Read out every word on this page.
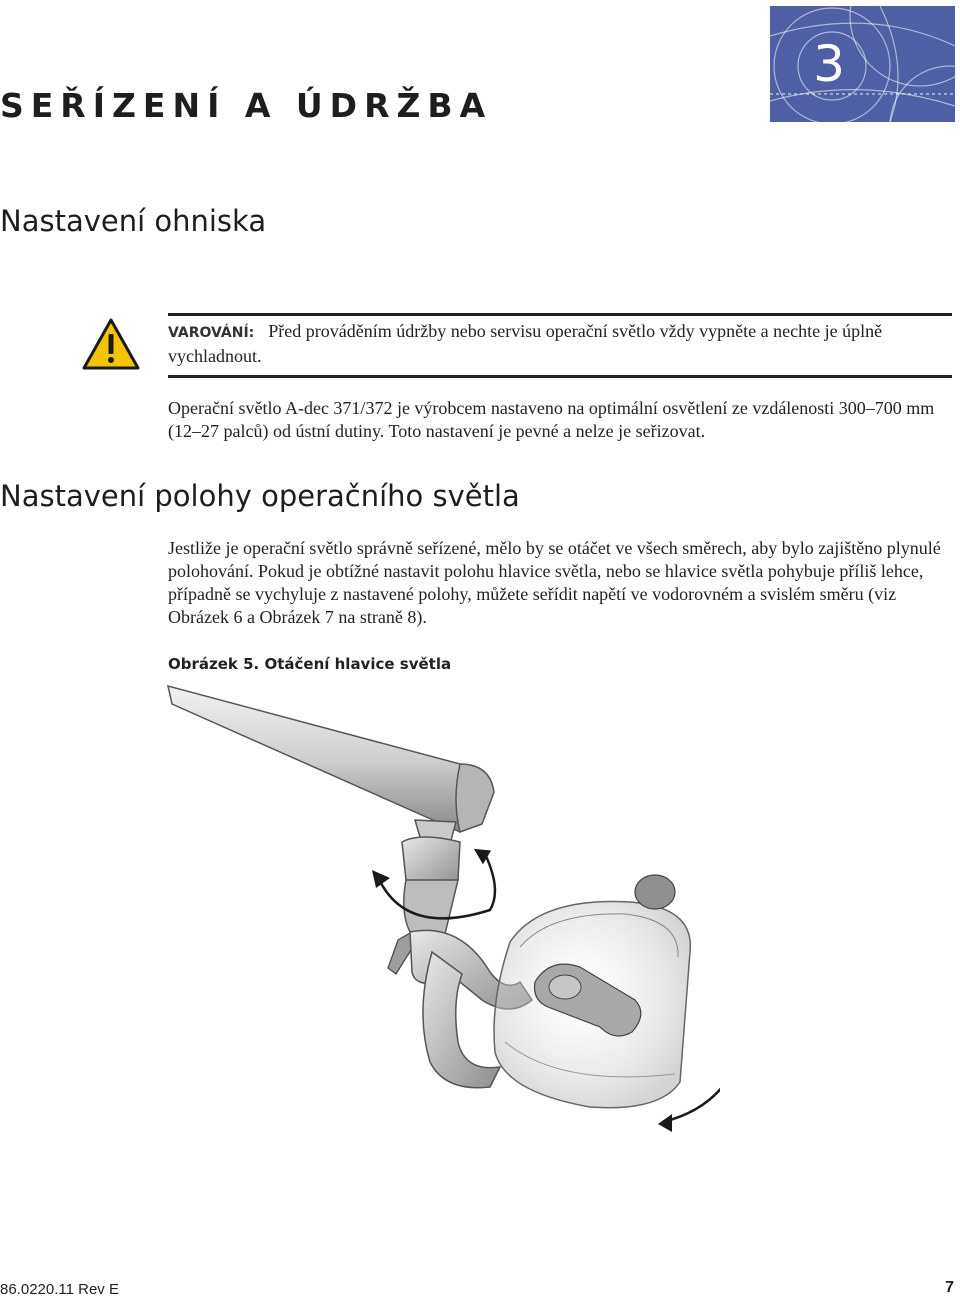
3
SEŘÍZENÍ A ÚDRŽBA
Nastavení ohniska

VAROVÁNÍ: Před prováděním údržby nebo servisu operační světlo vždy vypněte a nechte je úplně vychladnout.

Operační světlo A-dec 371/372 je výrobcem nastaveno na optimální osvětlení ze vzdálenosti 300–700 mm (12–27 palců) od ústní dutiny. Toto nastavení je pevné a nelze je seřizovat.

Nastavení polohy operačního světla

Jestliže je operační světlo správně seřízené, mělo by se otáčet ve všech směrech, aby bylo zajištěno plynulé polohování. Pokud je obtížné nastavit polohu hlavice světla, nebo se hlavice světla pohybuje příliš lehce, případně se vychyluje z nastavené polohy, můžete seřídit napětí ve vodorovném a svislém směru (viz Obrázek 6 a Obrázek 7 na straně 8).

Obrázek 5. Otáčení hlavice světla

86.0220.11 Rev E	7
